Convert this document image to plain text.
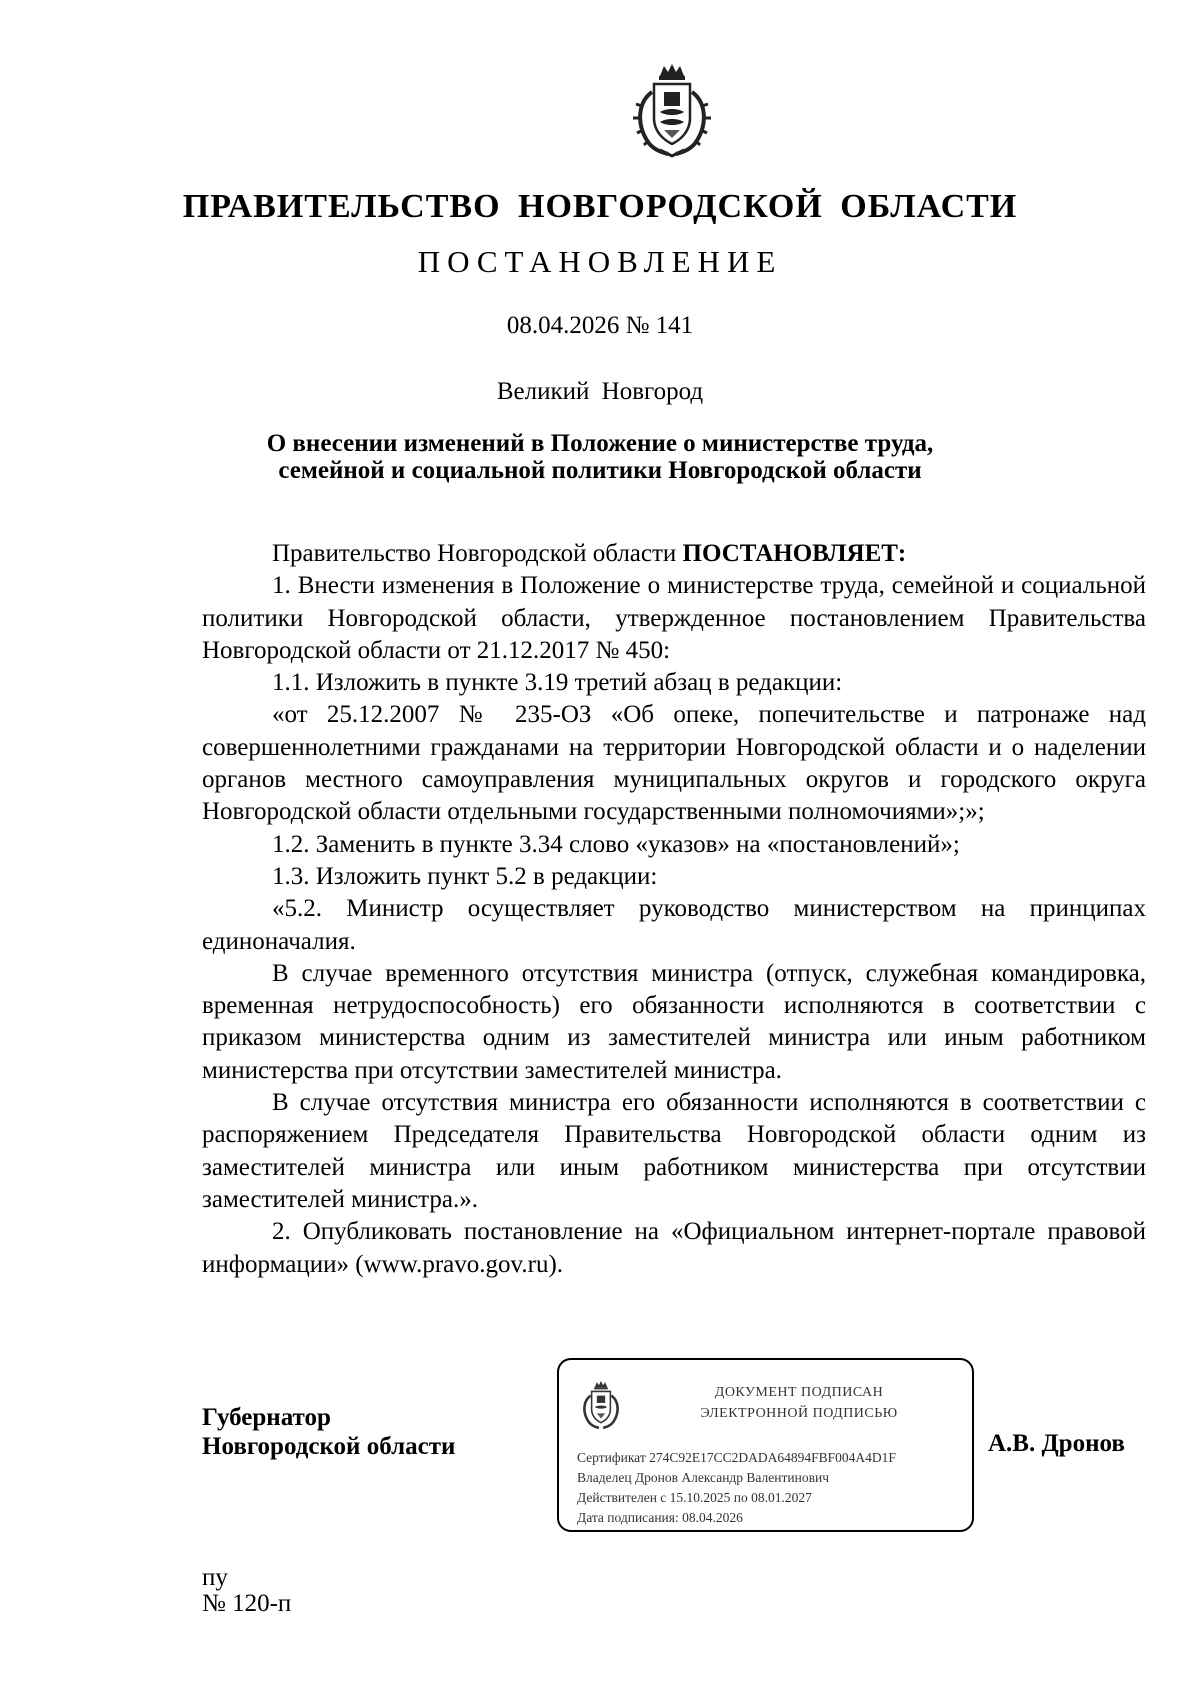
ПРАВИТЕЛЬСТВО НОВГОРОДСКОЙ ОБЛАСТИ
ПОСТАНОВЛЕНИЕ
08.04.2026 № 141
Великий Новгород
О внесении изменений в Положение о министерстве труда,
семейной и социальной политики Новгородской области

Правительство Новгородской области ПОСТАНОВЛЯЕТ:

1. Внести изменения в Положение о министерстве труда, семейной и социальной политики Новгородской области, утвержденное постановлением Правительства Новгородской области от 21.12.2017 № 450:

1.1. Изложить в пункте 3.19 третий абзац в редакции:

«от 25.12.2007 № 235-ОЗ «Об опеке, попечительстве и патронаже над совершеннолетними гражданами на территории Новгородской области и о наделении органов местного самоуправления муниципальных округов и городского округа Новгородской области отдельными государственными полномочиями»;»;

1.2. Заменить в пункте 3.34 слово «указов» на «постановлений»;

1.3. Изложить пункт 5.2 в редакции:

«5.2. Министр осуществляет руководство министерством на принципах единоначалия.

В случае временного отсутствия министра (отпуск, служебная командировка, временная нетрудоспособность) его обязанности исполняются в соответствии с приказом министерства одним из заместителей министра или иным работником министерства при отсутствии заместителей министра.

В случае отсутствия министра его обязанности исполняются в соответствии с распоряжением Председателя Правительства Новгородской области одним из заместителей министра или иным работником министерства при отсутствии заместителей министра.».

2. Опубликовать постановление на «Официальном интернет-портале правовой информации» (www.pravo.gov.ru).

Губернатор
Новгородской области
ДОКУМЕНТ ПОДПИСАН
ЭЛЕКТРОННОЙ ПОДПИСЬЮ
Сертификат 274C92E17CC2DADA64894FBF004A4D1F
Владелец Дронов Александр Валентинович
Действителен с 15.10.2025 по 08.01.2027
Дата подписания: 08.04.2026
А.В. Дронов
пу
№ 120-п
